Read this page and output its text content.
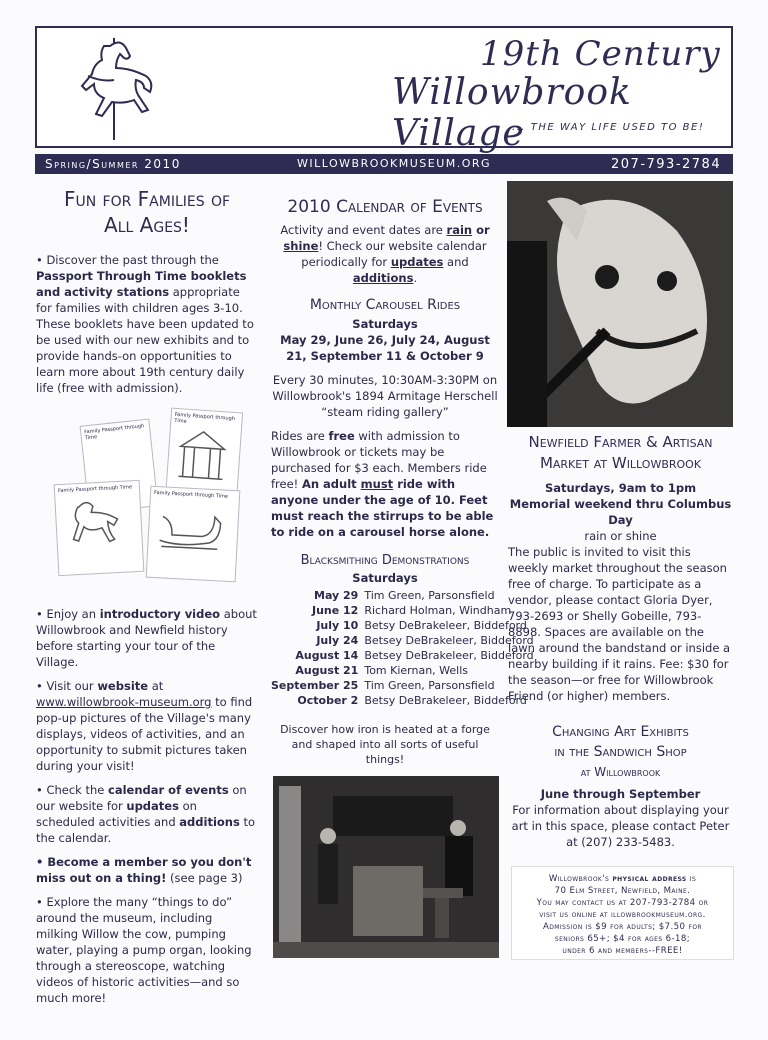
19th Century
Willowbrook Village
... THE WAY LIFE USED TO BE!
Spring/Summer 2010	WILLOWBROOKMUSEUM.ORG	207-793-2784
Fun for Families of
All Ages!

• Discover the past through the Passport Through Time booklets and activity stations appropriate for families with children ages 3-10. These booklets have been updated to be used with our new exhibits and to provide hands-on opportunities to learn more about 19th century daily life (free with admission).

Family Passport through Time
Family Passport through Time
Family Passport through Time
Family Passport through Time

• Enjoy an introductory video about Willowbrook and Newfield history before starting your tour of the Village.

• Visit our website at www.willowbrook-museum.org to find pop-up pictures of the Village's many displays, videos of activities, and an opportunity to submit pictures taken during your visit!

• Check the calendar of events on our website for updates on scheduled activities and additions to the calendar.

• Become a member so you don't miss out on a thing! (see page 3)

• Explore the many “things to do” around the museum, including milking Willow the cow, pumping water, playing a pump organ, looking through a stereoscope, watching videos of historic activities—and so much more!

2010 Calendar of Events

Activity and event dates are rain or shine! Check our website calendar periodically for updates and additions.

Monthly Carousel Rides

Saturdays

May 29, June 26, July 24, August 21, September 11 & October 9

Every 30 minutes, 10:30AM-3:30PM on Willowbrook's 1894 Armitage Herschell “steam riding gallery”

Rides are free with admission to Willowbrook or tickets may be purchased for $3 each. Members ride free! An adult must ride with anyone under the age of 10. Feet must reach the stirrups to be able to ride on a carousel horse alone.

Blacksmithing Demonstrations

Saturdays

May 29	Tim Green, Parsonsfield
June 12	Richard Holman, Windham
July 10	Betsy DeBrakeleer, Biddeford
July 24	Betsey DeBrakeleer, Biddeford
August 14	Betsey DeBrakeleer, Biddeford
August 21	Tom Kiernan, Wells
September 25	Tim Green, Parsonsfield
October 2	Betsy DeBrakeleer, Biddeford

Discover how iron is heated at a forge and shaped into all sorts of useful things!

Newfield Farmer & Artisan
Market at Willowbrook

Saturdays, 9am to 1pm

Memorial weekend thru Columbus Day

rain or shine

The public is invited to visit this weekly market throughout the season free of charge. To participate as a vendor, please contact Gloria Dyer, 793-2693 or Shelly Gobeille, 793-8898. Spaces are available on the lawn around the bandstand or inside a nearby building if it rains. Fee: $30 for the season—or free for Willowbrook Friend (or higher) members.

Changing Art Exhibits
in the Sandwich Shop
at Willowbrook

June through September

For information about displaying your art in this space, please contact Peter at (207) 233-5483.

Willowbrook's physical address is
70 Elm Street, Newfield, Maine.
You may contact us at 207-793-2784 or
visit us online at illowbrookmuseum.org.
Admission is $9 for adults; $7.50 for
seniors 65+; $4 for ages 6-18;
under 6 and members--FREE!
